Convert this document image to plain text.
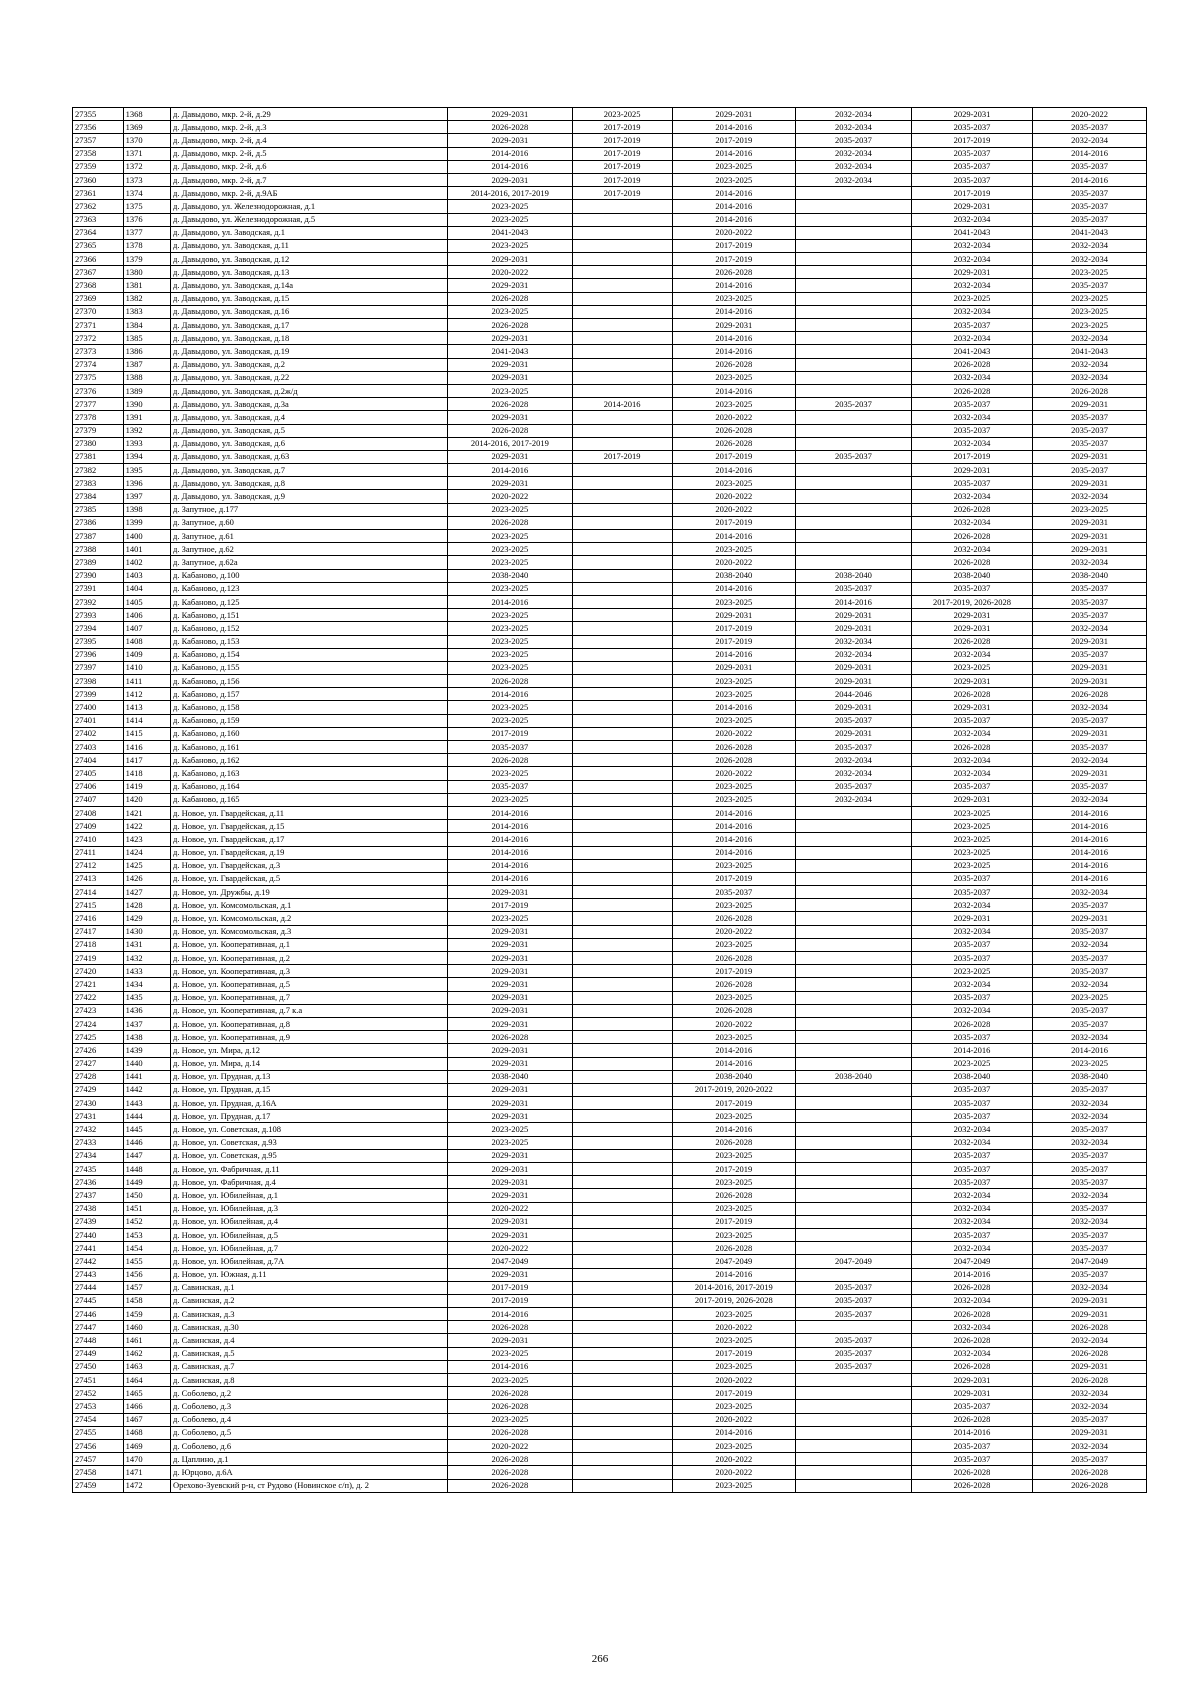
27355	1368	д. Давыдово, мкр. 2-й, д.29	2029-2031	2023-2025	2029-2031	2032-2034	2029-2031	2020-2022
27356	1369	д. Давыдово, мкр. 2-й, д.3	2026-2028	2017-2019	2014-2016	2032-2034	2035-2037	2035-2037
27357	1370	д. Давыдово, мкр. 2-й, д.4	2029-2031	2017-2019	2017-2019	2035-2037	2017-2019	2032-2034
27358	1371	д. Давыдово, мкр. 2-й, д.5	2014-2016	2017-2019	2014-2016	2032-2034	2035-2037	2014-2016
27359	1372	д. Давыдово, мкр. 2-й, д.6	2014-2016	2017-2019	2023-2025	2032-2034	2035-2037	2035-2037
27360	1373	д. Давыдово, мкр. 2-й, д.7	2029-2031	2017-2019	2023-2025	2032-2034	2035-2037	2014-2016
27361	1374	д. Давыдово, мкр. 2-й, д.9АБ	2014-2016, 2017-2019	2017-2019	2014-2016		2017-2019	2035-2037
27362	1375	д. Давыдово, ул. Железнодорожная, д.1	2023-2025		2014-2016		2029-2031	2035-2037
27363	1376	д. Давыдово, ул. Железнодорожная, д.5	2023-2025		2014-2016		2032-2034	2035-2037
27364	1377	д. Давыдово, ул. Заводская, д.1	2041-2043		2020-2022		2041-2043	2041-2043
27365	1378	д. Давыдово, ул. Заводская, д.11	2023-2025		2017-2019		2032-2034	2032-2034
27366	1379	д. Давыдово, ул. Заводская, д.12	2029-2031		2017-2019		2032-2034	2032-2034
27367	1380	д. Давыдово, ул. Заводская, д.13	2020-2022		2026-2028		2029-2031	2023-2025
27368	1381	д. Давыдово, ул. Заводская, д.14а	2029-2031		2014-2016		2032-2034	2035-2037
27369	1382	д. Давыдово, ул. Заводская, д.15	2026-2028		2023-2025		2023-2025	2023-2025
27370	1383	д. Давыдово, ул. Заводская, д.16	2023-2025		2014-2016		2032-2034	2023-2025
27371	1384	д. Давыдово, ул. Заводская, д.17	2026-2028		2029-2031		2035-2037	2023-2025
27372	1385	д. Давыдово, ул. Заводская, д.18	2029-2031		2014-2016		2032-2034	2032-2034
27373	1386	д. Давыдово, ул. Заводская, д.19	2041-2043		2014-2016		2041-2043	2041-2043
27374	1387	д. Давыдово, ул. Заводская, д.2	2029-2031		2026-2028		2026-2028	2032-2034
27375	1388	д. Давыдово, ул. Заводская, д.22	2029-2031		2023-2025		2032-2034	2032-2034
27376	1389	д. Давыдово, ул. Заводская, д.2ж/д	2023-2025		2014-2016		2026-2028	2026-2028
27377	1390	д. Давыдово, ул. Заводская, д.3а	2026-2028	2014-2016	2023-2025	2035-2037	2035-2037	2029-2031
27378	1391	д. Давыдово, ул. Заводская, д.4	2029-2031		2020-2022		2032-2034	2035-2037
27379	1392	д. Давыдово, ул. Заводская, д.5	2026-2028		2026-2028		2035-2037	2035-2037
27380	1393	д. Давыдово, ул. Заводская, д.6	2014-2016, 2017-2019		2026-2028		2032-2034	2035-2037
27381	1394	д. Давыдово, ул. Заводская, д.63	2029-2031	2017-2019	2017-2019	2035-2037	2017-2019	2029-2031
27382	1395	д. Давыдово, ул. Заводская, д.7	2014-2016		2014-2016		2029-2031	2035-2037
27383	1396	д. Давыдово, ул. Заводская, д.8	2029-2031		2023-2025		2035-2037	2029-2031
27384	1397	д. Давыдово, ул. Заводская, д.9	2020-2022		2020-2022		2032-2034	2032-2034
27385	1398	д. Запутное, д.177	2023-2025		2020-2022		2026-2028	2023-2025
27386	1399	д. Запутное, д.60	2026-2028		2017-2019		2032-2034	2029-2031
27387	1400	д. Запутное, д.61	2023-2025		2014-2016		2026-2028	2029-2031
27388	1401	д. Запутное, д.62	2023-2025		2023-2025		2032-2034	2029-2031
27389	1402	д. Запутное, д.62а	2023-2025		2020-2022		2026-2028	2032-2034
27390	1403	д. Кабаново, д.100	2038-2040		2038-2040	2038-2040	2038-2040	2038-2040
27391	1404	д. Кабаново, д.123	2023-2025		2014-2016	2035-2037	2035-2037	2035-2037
27392	1405	д. Кабаново, д.125	2014-2016		2023-2025	2014-2016	2017-2019, 2026-2028	2035-2037
27393	1406	д. Кабаново, д.151	2023-2025		2029-2031	2029-2031	2029-2031	2035-2037
27394	1407	д. Кабаново, д.152	2023-2025		2017-2019	2029-2031	2029-2031	2032-2034
27395	1408	д. Кабаново, д.153	2023-2025		2017-2019	2032-2034	2026-2028	2029-2031
27396	1409	д. Кабаново, д.154	2023-2025		2014-2016	2032-2034	2032-2034	2035-2037
27397	1410	д. Кабаново, д.155	2023-2025		2029-2031	2029-2031	2023-2025	2029-2031
27398	1411	д. Кабаново, д.156	2026-2028		2023-2025	2029-2031	2029-2031	2029-2031
27399	1412	д. Кабаново, д.157	2014-2016		2023-2025	2044-2046	2026-2028	2026-2028
27400	1413	д. Кабаново, д.158	2023-2025		2014-2016	2029-2031	2029-2031	2032-2034
27401	1414	д. Кабаново, д.159	2023-2025		2023-2025	2035-2037	2035-2037	2035-2037
27402	1415	д. Кабаново, д.160	2017-2019		2020-2022	2029-2031	2032-2034	2029-2031
27403	1416	д. Кабаново, д.161	2035-2037		2026-2028	2035-2037	2026-2028	2035-2037
27404	1417	д. Кабаново, д.162	2026-2028		2026-2028	2032-2034	2032-2034	2032-2034
27405	1418	д. Кабаново, д.163	2023-2025		2020-2022	2032-2034	2032-2034	2029-2031
27406	1419	д. Кабаново, д.164	2035-2037		2023-2025	2035-2037	2035-2037	2035-2037
27407	1420	д. Кабаново, д.165	2023-2025		2023-2025	2032-2034	2029-2031	2032-2034
27408	1421	д. Новое, ул. Гвардейская, д.11	2014-2016		2014-2016		2023-2025	2014-2016
27409	1422	д. Новое, ул. Гвардейская, д.15	2014-2016		2014-2016		2023-2025	2014-2016
27410	1423	д. Новое, ул. Гвардейская, д.17	2014-2016		2014-2016		2023-2025	2014-2016
27411	1424	д. Новое, ул. Гвардейская, д.19	2014-2016		2014-2016		2023-2025	2014-2016
27412	1425	д. Новое, ул. Гвардейская, д.3	2014-2016		2023-2025		2023-2025	2014-2016
27413	1426	д. Новое, ул. Гвардейская, д.5	2014-2016		2017-2019		2035-2037	2014-2016
27414	1427	д. Новое, ул. Дружбы, д.19	2029-2031		2035-2037		2035-2037	2032-2034
27415	1428	д. Новое, ул. Комсомольская, д.1	2017-2019		2023-2025		2032-2034	2035-2037
27416	1429	д. Новое, ул. Комсомольская, д.2	2023-2025		2026-2028		2029-2031	2029-2031
27417	1430	д. Новое, ул. Комсомольская, д.3	2029-2031		2020-2022		2032-2034	2035-2037
27418	1431	д. Новое, ул. Кооперативная, д.1	2029-2031		2023-2025		2035-2037	2032-2034
27419	1432	д. Новое, ул. Кооперативная, д.2	2029-2031		2026-2028		2035-2037	2035-2037
27420	1433	д. Новое, ул. Кооперативная, д.3	2029-2031		2017-2019		2023-2025	2035-2037
27421	1434	д. Новое, ул. Кооперативная, д.5	2029-2031		2026-2028		2032-2034	2032-2034
27422	1435	д. Новое, ул. Кооперативная, д.7	2029-2031		2023-2025		2035-2037	2023-2025
27423	1436	д. Новое, ул. Кооперативная, д.7 к.а	2029-2031		2026-2028		2032-2034	2035-2037
27424	1437	д. Новое, ул. Кооперативная, д.8	2029-2031		2020-2022		2026-2028	2035-2037
27425	1438	д. Новое, ул. Кооперативная, д.9	2026-2028		2023-2025		2035-2037	2032-2034
27426	1439	д. Новое, ул. Мира, д.12	2029-2031		2014-2016		2014-2016	2014-2016
27427	1440	д. Новое, ул. Мира, д.14	2029-2031		2014-2016		2023-2025	2023-2025
27428	1441	д. Новое, ул. Прудная, д.13	2038-2040		2038-2040	2038-2040	2038-2040	2038-2040
27429	1442	д. Новое, ул. Прудная, д.15	2029-2031		2017-2019, 2020-2022		2035-2037	2035-2037
27430	1443	д. Новое, ул. Прудная, д.16А	2029-2031		2017-2019		2035-2037	2032-2034
27431	1444	д. Новое, ул. Прудная, д.17	2029-2031		2023-2025		2035-2037	2032-2034
27432	1445	д. Новое, ул. Советская, д.108	2023-2025		2014-2016		2032-2034	2035-2037
27433	1446	д. Новое, ул. Советская, д.93	2023-2025		2026-2028		2032-2034	2032-2034
27434	1447	д. Новое, ул. Советская, д.95	2029-2031		2023-2025		2035-2037	2035-2037
27435	1448	д. Новое, ул. Фабричная, д.11	2029-2031		2017-2019		2035-2037	2035-2037
27436	1449	д. Новое, ул. Фабричная, д.4	2029-2031		2023-2025		2035-2037	2035-2037
27437	1450	д. Новое, ул. Юбилейная, д.1	2029-2031		2026-2028		2032-2034	2032-2034
27438	1451	д. Новое, ул. Юбилейная, д.3	2020-2022		2023-2025		2032-2034	2035-2037
27439	1452	д. Новое, ул. Юбилейная, д.4	2029-2031		2017-2019		2032-2034	2032-2034
27440	1453	д. Новое, ул. Юбилейная, д.5	2029-2031		2023-2025		2035-2037	2035-2037
27441	1454	д. Новое, ул. Юбилейная, д.7	2020-2022		2026-2028		2032-2034	2035-2037
27442	1455	д. Новое, ул. Юбилейная, д.7А	2047-2049		2047-2049	2047-2049	2047-2049	2047-2049
27443	1456	д. Новое, ул. Южная, д.11	2029-2031		2014-2016		2014-2016	2035-2037
27444	1457	д. Савинская, д.1	2017-2019		2014-2016, 2017-2019	2035-2037	2026-2028	2032-2034
27445	1458	д. Савинская, д.2	2017-2019		2017-2019, 2026-2028	2035-2037	2032-2034	2029-2031
27446	1459	д. Савинская, д.3	2014-2016		2023-2025	2035-2037	2026-2028	2029-2031
27447	1460	д. Савинская, д.30	2026-2028		2020-2022		2032-2034	2026-2028
27448	1461	д. Савинская, д.4	2029-2031		2023-2025	2035-2037	2026-2028	2032-2034
27449	1462	д. Савинская, д.5	2023-2025		2017-2019	2035-2037	2032-2034	2026-2028
27450	1463	д. Савинская, д.7	2014-2016		2023-2025	2035-2037	2026-2028	2029-2031
27451	1464	д. Савинская, д.8	2023-2025		2020-2022		2029-2031	2026-2028
27452	1465	д. Соболево, д.2	2026-2028		2017-2019		2029-2031	2032-2034
27453	1466	д. Соболево, д.3	2026-2028		2023-2025		2035-2037	2032-2034
27454	1467	д. Соболево, д.4	2023-2025		2020-2022		2026-2028	2035-2037
27455	1468	д. Соболево, д.5	2026-2028		2014-2016		2014-2016	2029-2031
27456	1469	д. Соболево, д.6	2020-2022		2023-2025		2035-2037	2032-2034
27457	1470	д. Цаплино, д.1	2026-2028		2020-2022		2035-2037	2035-2037
27458	1471	д. Юрцово, д.6А	2026-2028		2020-2022		2026-2028	2026-2028
27459	1472	Орехово-Зуевский р-н, ст Рудово (Новинское с/п), д. 2	2026-2028		2023-2025		2026-2028	2026-2028
266
